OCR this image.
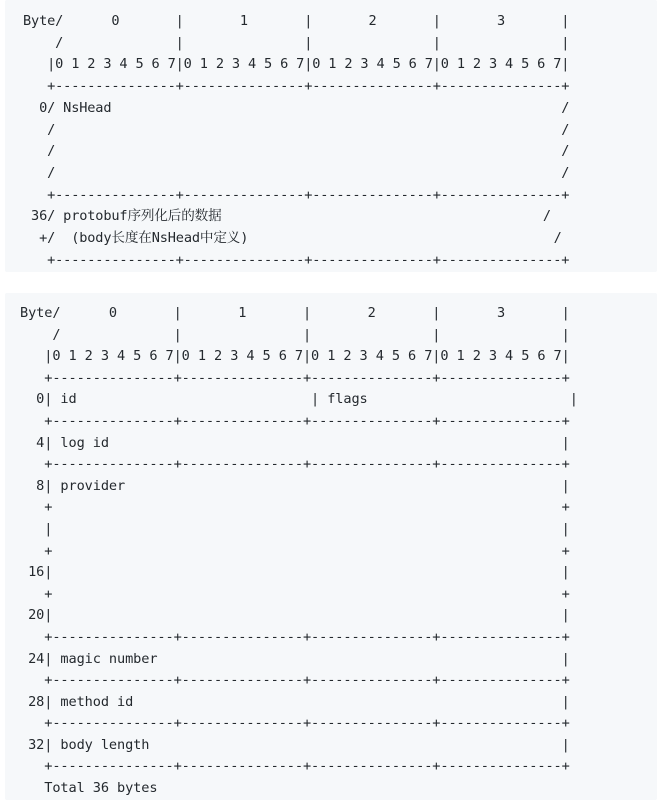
Byte/      0       |       1       |       2       |       3       |
/              |               |               |               |
|0 1 2 3 4 5 6 7|0 1 2 3 4 5 6 7|0 1 2 3 4 5 6 7|0 1 2 3 4 5 6 7|
+---------------+---------------+---------------+---------------+
0/ NsHead                                                        /
/                                                               /
/                                                               /
/                                                               /
+---------------+---------------+---------------+---------------+
36/ protobuf序列化后的数据                                        /
+/  (body长度在NsHead中定义)                                      /
+---------------+---------------+---------------+---------------+
Byte/      0       |       1       |       2       |       3       |
/              |               |               |               |
|0 1 2 3 4 5 6 7|0 1 2 3 4 5 6 7|0 1 2 3 4 5 6 7|0 1 2 3 4 5 6 7|
+---------------+---------------+---------------+---------------+
0| id                             | flags                         |
+---------------+---------------+---------------+---------------+
4| log id                                                        |
+---------------+---------------+---------------+---------------+
8| provider                                                      |
+                                                               +
|                                                               |
+                                                               +
16|                                                               |
+                                                               +
20|                                                               |
+---------------+---------------+---------------+---------------+
24| magic number                                                  |
+---------------+---------------+---------------+---------------+
28| method id                                                     |
+---------------+---------------+---------------+---------------+
32| body length                                                   |
+---------------+---------------+---------------+---------------+
Total 36 bytes
